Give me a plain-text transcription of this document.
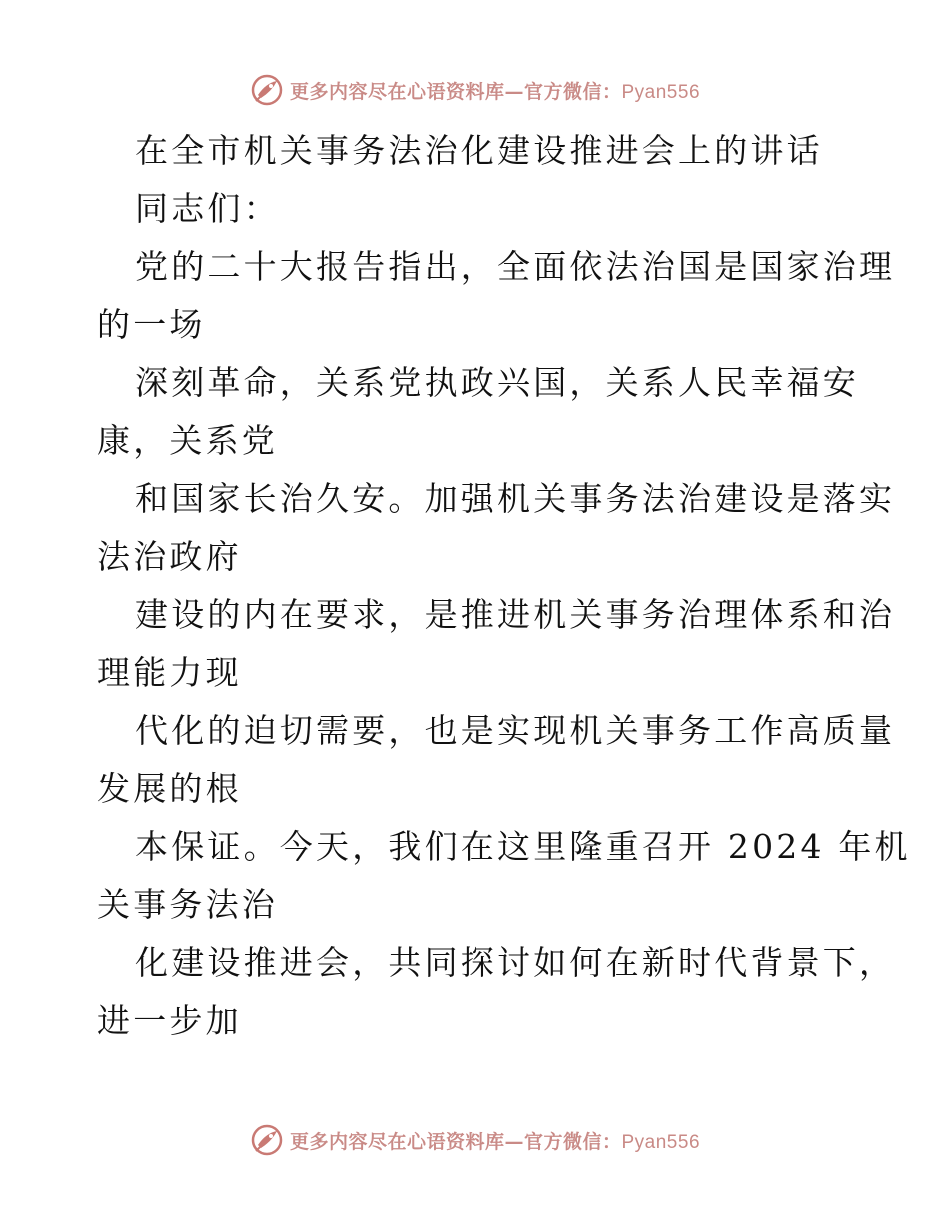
更多内容尽在心语资料库—官方微信：Pyan556
在全市机关事务法治化建设推进会上的讲话
同志们：
党的二十大报告指出，全面依法治国是国家治理
的一场
深刻革命，关系党执政兴国，关系人民幸福安
康，关系党
和国家长治久安。加强机关事务法治建设是落实
法治政府
建设的内在要求，是推进机关事务治理体系和治
理能力现
代化的迫切需要，也是实现机关事务工作高质量
发展的根
本保证。今天，我们在这里隆重召开 2024 年机
关事务法治
化建设推进会，共同探讨如何在新时代背景下，
进一步加
更多内容尽在心语资料库—官方微信：Pyan556
